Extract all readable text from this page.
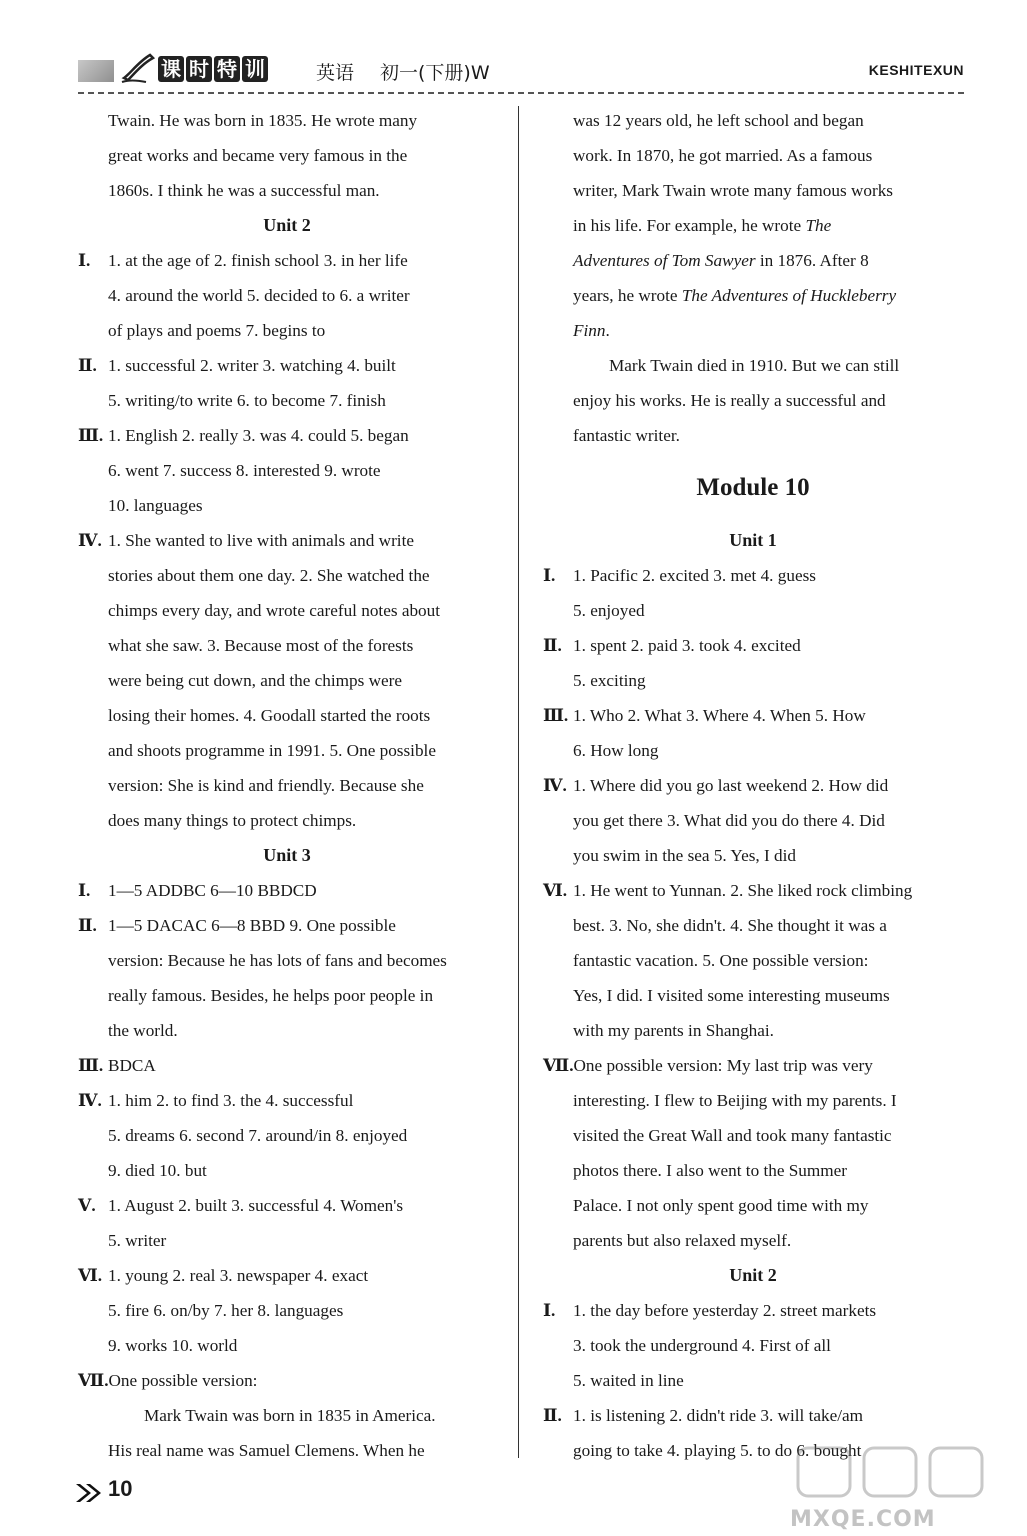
课 时 特 训	英语 初一(下册)W	KESHITEXUN
Twain. He was born in 1835. He wrote many
great works and became very famous in the
1860s. I think he was a successful man.
Unit 2
Ⅰ. 1. at the age of 2. finish school 3. in her life
4. around the world 5. decided to 6. a writer
of plays and poems 7. begins to
Ⅱ. 1. successful 2. writer 3. watching 4. built
5. writing/to write 6. to become 7. finish
Ⅲ. 1. English 2. really 3. was 4. could 5. began
6. went 7. success 8. interested 9. wrote
10. languages
Ⅳ. 1. She wanted to live with animals and write
stories about them one day. 2. She watched the
chimps every day, and wrote careful notes about
what she saw. 3. Because most of the forests
were being cut down, and the chimps were
losing their homes. 4. Goodall started the roots
and shoots programme in 1991. 5. One possible
version: She is kind and friendly. Because she
does many things to protect chimps.
Unit 3
Ⅰ. 1—5 ADDBC 6—10 BBDCD
Ⅱ. 1—5 DACAC 6—8 BBD 9. One possible
version: Because he has lots of fans and becomes
really famous. Besides, he helps poor people in
the world.
Ⅲ. BDCA
Ⅳ. 1. him 2. to find 3. the 4. successful
5. dreams 6. second 7. around/in 8. enjoyed
9. died 10. but
Ⅴ. 1. August 2. built 3. successful 4. Women's
5. writer
Ⅵ. 1. young 2. real 3. newspaper 4. exact
5. fire 6. on/by 7. her 8. languages
9. works 10. world
Ⅶ.One possible version:
Mark Twain was born in 1835 in America.
His real name was Samuel Clemens. When he
was 12 years old, he left school and began
work. In 1870, he got married. As a famous
writer, Mark Twain wrote many famous works
in his life. For example, he wrote The
Adventures of Tom Sawyer in 1876. After 8
years, he wrote The Adventures of Huckleberry
Finn.
Mark Twain died in 1910. But we can still
enjoy his works. He is really a successful and
fantastic writer.
Module 10
Unit 1
Ⅰ. 1. Pacific 2. excited 3. met 4. guess
5. enjoyed
Ⅱ. 1. spent 2. paid 3. took 4. excited
5. exciting
Ⅲ. 1. Who 2. What 3. Where 4. When 5. How
6. How long
Ⅳ. 1. Where did you go last weekend 2. How did
you get there 3. What did you do there 4. Did
you swim in the sea 5. Yes, I did
Ⅵ. 1. He went to Yunnan. 2. She liked rock climbing
best. 3. No, she didn't. 4. She thought it was a
fantastic vacation. 5. One possible version:
Yes, I did. I visited some interesting museums
with my parents in Shanghai.
Ⅶ.One possible version: My last trip was very
interesting. I flew to Beijing with my parents. I
visited the Great Wall and took many fantastic
photos there. I also went to the Summer
Palace. I not only spent good time with my
parents but also relaxed myself.
Unit 2
Ⅰ. 1. the day before yesterday 2. street markets
3. took the underground 4. First of all
5. waited in line
Ⅱ. 1. is listening 2. didn't ride 3. will take/am
going to take 4. playing 5. to do 6. bought
10
MXQE.COM
